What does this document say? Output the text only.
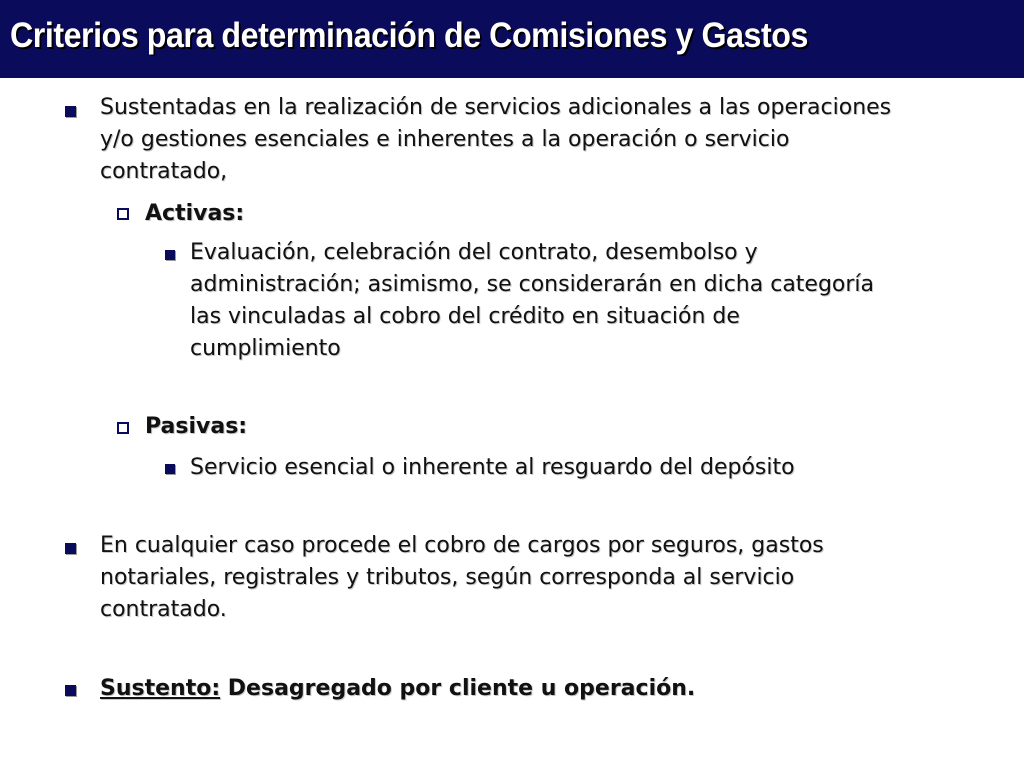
Criterios para determinación de Comisiones y Gastos

Sustentadas en la realización de servicios adicionales a las operaciones

y/o gestiones esenciales e inherentes a la operación o servicio

contratado,

Activas:

Evaluación, celebración del contrato, desembolso y

administración; asimismo, se considerarán en dicha categoría

las vinculadas al cobro del crédito en situación de

cumplimiento

Pasivas:

Servicio esencial o inherente al resguardo del depósito

En cualquier caso procede el cobro de cargos por seguros, gastos

notariales, registrales y tributos, según corresponda al servicio

contratado.

Sustento: Desagregado por cliente u operación.
